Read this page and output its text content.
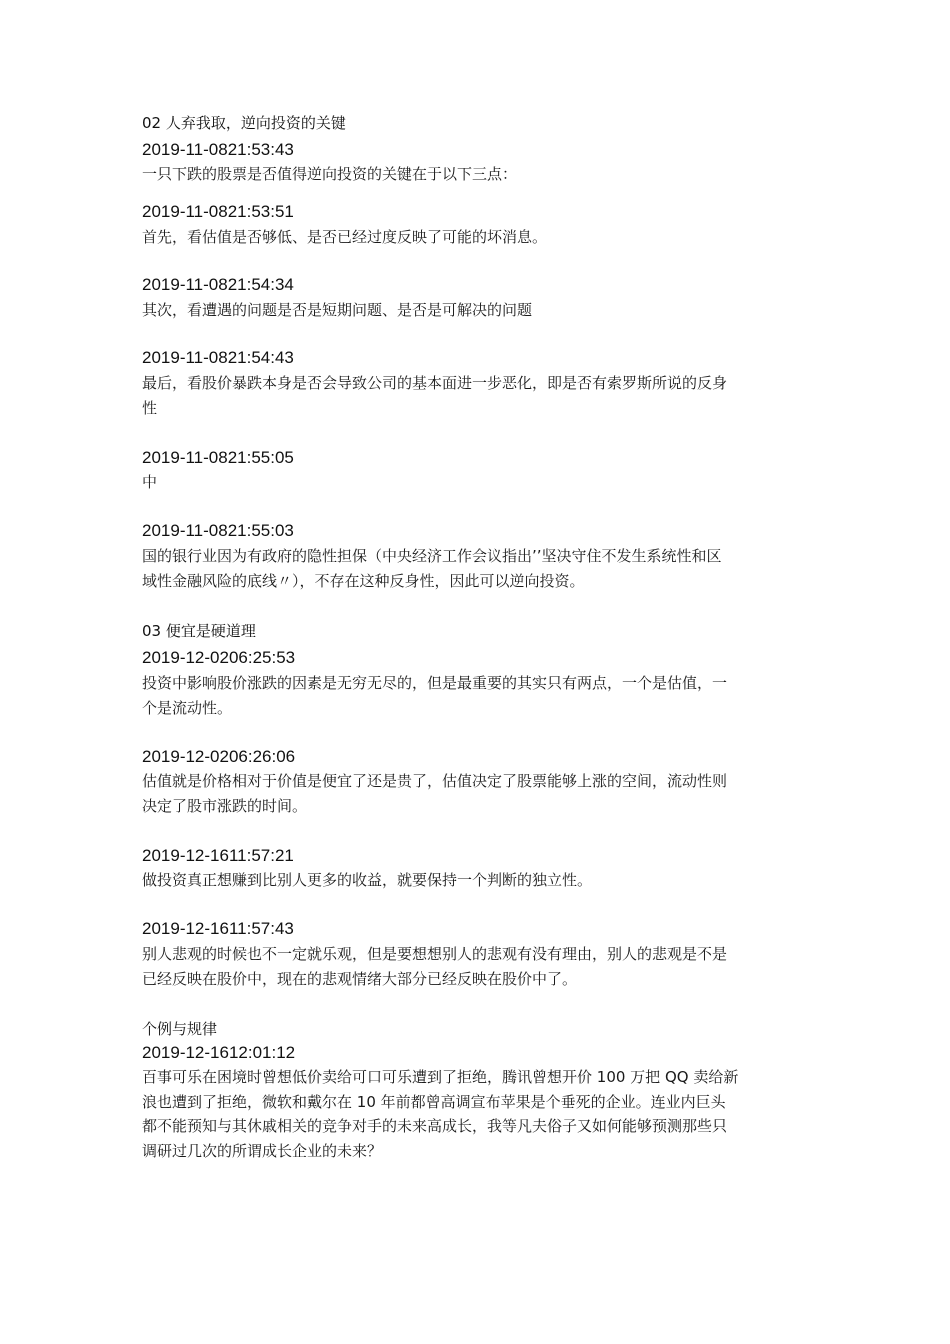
02 人弃我取，逆向投资的关键

2019-11-0821:53:43

一只下跌的股票是否值得逆向投资的关键在于以下三点：

2019-11-0821:53:51

首先，看估值是否够低、是否已经过度反映了可能的坏消息。

2019-11-0821:54:34

其次，看遭遇的问题是否是短期问题、是否是可解决的问题

2019-11-0821:54:43

最后，看股价暴跌本身是否会导致公司的基本面进一步恶化，即是否有索罗斯所说的反身

性

2019-11-0821:55:05

中

2019-11-0821:55:03

国的银行业因为有政府的隐性担保（中央经济工作会议指出’’坚决守住不发生系统性和区

域性金融风险的底线〃），不存在这种反身性，因此可以逆向投资。

03 便宜是硬道理

2019-12-0206:25:53

投资中影响股价涨跌的因素是无穷无尽的，但是最重要的其实只有两点，一个是估值，一

个是流动性。

2019-12-0206:26:06

估值就是价格相对于价值是便宜了还是贵了，估值决定了股票能够上涨的空间，流动性则

决定了股市涨跌的时间。

2019-12-1611:57:21

做投资真正想赚到比别人更多的收益，就要保持一个判断的独立性。

2019-12-1611:57:43

别人悲观的时候也不一定就乐观，但是要想想别人的悲观有没有理由，别人的悲观是不是

已经反映在股价中，现在的悲观情绪大部分已经反映在股价中了。

个例与规律

2019-12-1612:01:12

百事可乐在困境时曾想低价卖给可口可乐遭到了拒绝，腾讯曾想开价 100 万把 QQ 卖给新

浪也遭到了拒绝，微软和戴尔在 10 年前都曾高调宣布苹果是个垂死的企业。连业内巨头

都不能预知与其休戚相关的竞争对手的未来高成长，我等凡夫俗子又如何能够预测那些只

调研过几次的所谓成长企业的未来？
